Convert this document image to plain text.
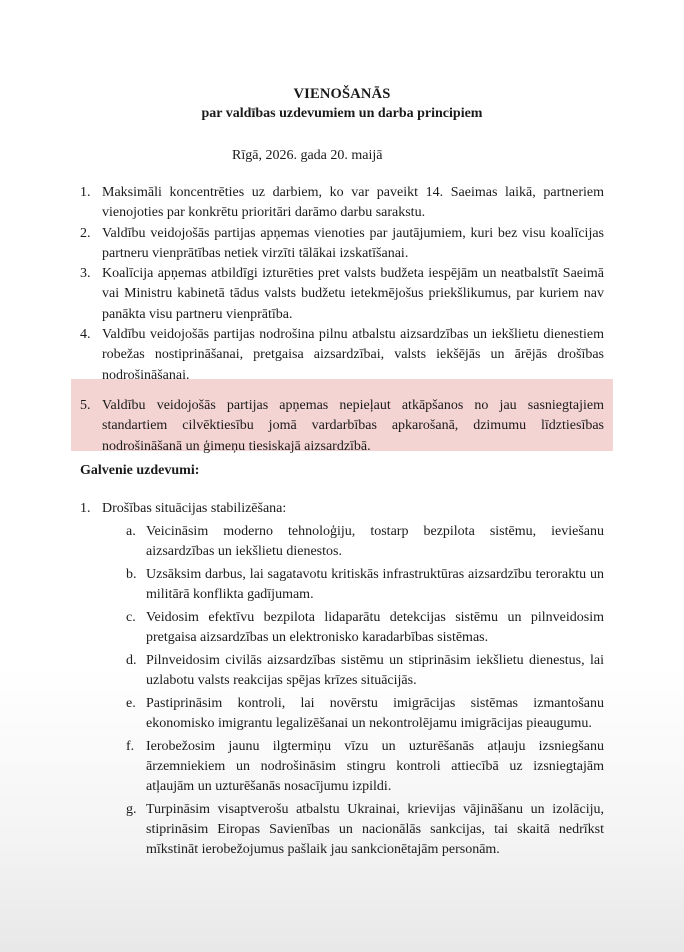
VIENOŠANĀS
par valdības uzdevumiem un darba principiem
Rīgā, 2026. gada 20. maijā
1. Maksimāli koncentrēties uz darbiem, ko var paveikt 14. Saeimas laikā, partneriem vienojoties par konkrētu prioritāri darāmo darbu sarakstu.
2. Valdību veidojošās partijas apņemas vienoties par jautājumiem, kuri bez visu koalīcijas partneru vienprātības netiek virzīti tālākai izskatīšanai.
3. Koalīcija apņemas atbildīgi izturēties pret valsts budžeta iespējām un neatbalstīt Saeimā vai Ministru kabinetā tādus valsts budžetu ietekmējošus priekšlikumus, par kuriem nav panākta visu partneru vienprātība.
4. Valdību veidojošās partijas nodrošina pilnu atbalstu aizsardzības un iekšlietu dienestiem robežas nostiprināšanai, pretgaisa aizsardzībai, valsts iekšējās un ārējās drošības nodrošināšanai.
5. Valdību veidojošās partijas apņemas nepieļaut atkāpšanos no jau sasniegtajiem standartiem cilvēktiesību jomā vardarbības apkarošanā, dzimumu līdztiesības nodrošināšanā un ģimeņu tiesiskajā aizsardzībā.
Galvenie uzdevumi:
1. Drošības situācijas stabilizēšana:
a. Veicināsim moderno tehnoloģiju, tostarp bezpilota sistēmu, ieviešanu aizsardzības un iekšlietu dienestos.
b. Uzsāksim darbus, lai sagatavotu kritiskās infrastruktūras aizsardzību teroraktu un militārā konflikta gadījumam.
c. Veidosim efektīvu bezpilota lidaparātu detekcijas sistēmu un pilnveidosim pretgaisa aizsardzības un elektronisko karadarbības sistēmas.
d. Pilnveidosim civilās aizsardzības sistēmu un stiprināsim iekšlietu dienestus, lai uzlabotu valsts reakcijas spējas krīzes situācijās.
e. Pastiprināsim kontroli, lai novērstu imigrācijas sistēmas izmantošanu ekonomisko imigrantu legalizēšanai un nekontrolējamu imigrācijas pieaugumu.
f. Ierobežosim jaunu ilgtermiņu vīzu un uzturēšanās atļauju izsniegšanu ārzemniekiem un nodrošināsim stingru kontroli attiecībā uz izsniegtajām atļaujām un uzturēšanās nosacījumu izpildi.
g. Turpināsim visaptverošu atbalstu Ukrainai, krievijas vājināšanu un izolāciju, stiprināsim Eiropas Savienības un nacionālās sankcijas, tai skaitā nedrīkst mīkstināt ierobežojumus pašlaik jau sankcionētajām personām.
